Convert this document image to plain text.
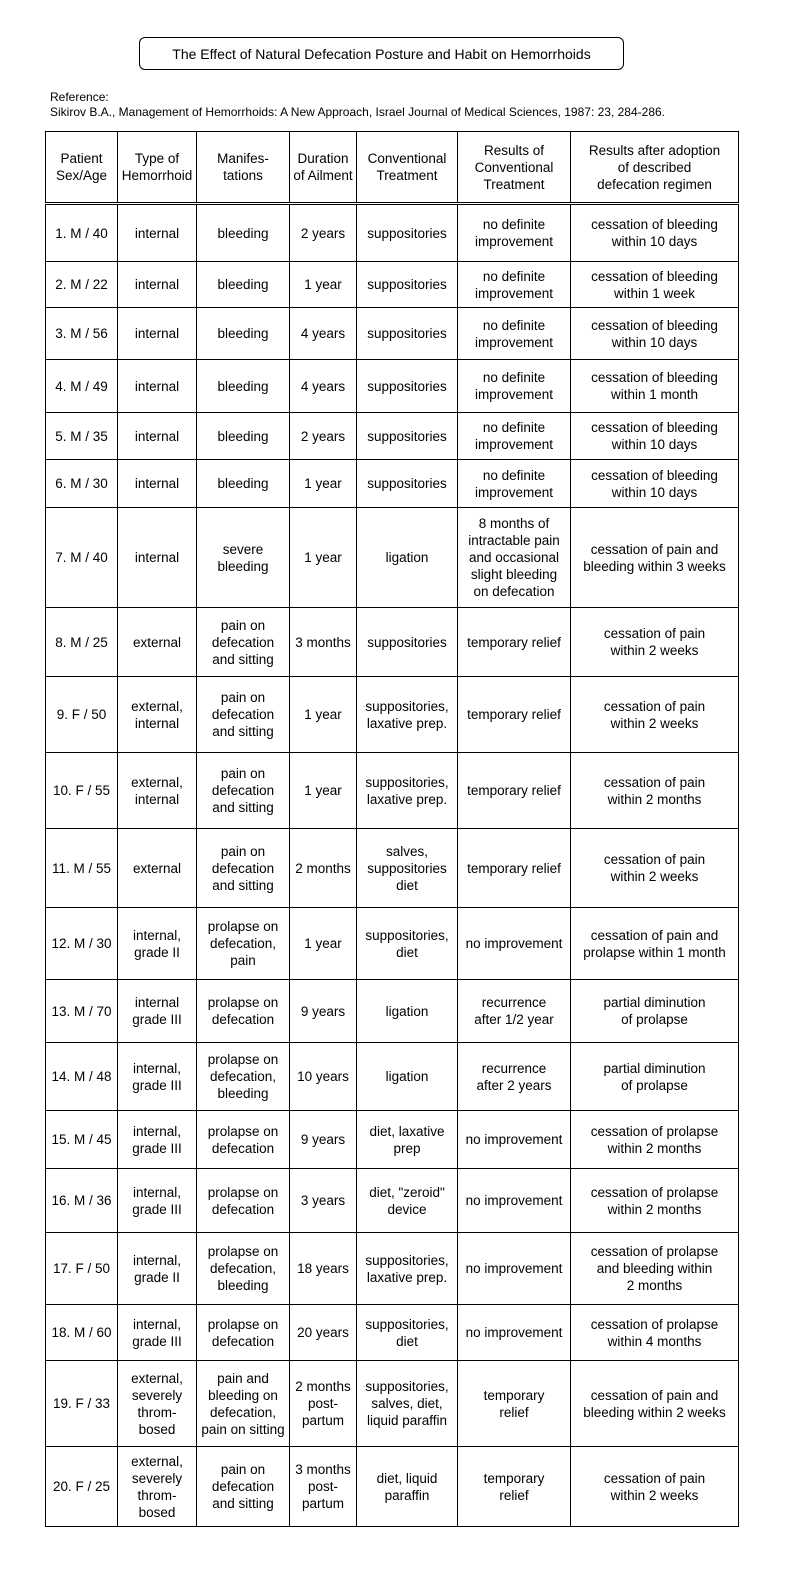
The Effect of Natural Defecation Posture and Habit on Hemorrhoids
Reference:
Sikirov B.A., Management of Hemorrhoids: A New Approach, Israel Journal of Medical Sciences, 1987: 23, 284-286.
Patient
Sex/Age	Type of
Hemorrhoid	Manifes-
tations	Duration
of Ailment	Conventional
Treatment	Results of
Conventional
Treatment	Results after adoption
of described
defecation regimen

1. M / 40	internal	bleeding	2 years	suppositories	no definite
improvement	cessation of bleeding
within 10 days

2. M / 22	internal	bleeding	1 year	suppositories	no definite
improvement	cessation of bleeding
within 1 week

3. M / 56	internal	bleeding	4 years	suppositories	no definite
improvement	cessation of bleeding
within 10 days

4. M / 49	internal	bleeding	4 years	suppositories	no definite
improvement	cessation of bleeding
within 1 month

5. M / 35	internal	bleeding	2 years	suppositories	no definite
improvement	cessation of bleeding
within 10 days

6. M / 30	internal	bleeding	1 year	suppositories	no definite
improvement	cessation of bleeding
within 10 days

7. M / 40	internal	severe
bleeding	1 year	ligation	8 months of
intractable pain
and occasional
slight bleeding
on defecation	cessation of pain and
bleeding within 3 weeks

8. M / 25	external	pain on
defecation
and sitting	3 months	suppositories	temporary relief	cessation of pain
within 2 weeks

9. F / 50	external,
internal	pain on
defecation
and sitting	1 year	suppositories,
laxative prep.	temporary relief	cessation of pain
within 2 weeks

10. F / 55	external,
internal	pain on
defecation
and sitting	1 year	suppositories,
laxative prep.	temporary relief	cessation of pain
within 2 months

11. M / 55	external	pain on
defecation
and sitting	2 months	salves,
suppositories
diet	temporary relief	cessation of pain
within 2 weeks

12. M / 30	internal,
grade II	prolapse on
defecation,
pain	1 year	suppositories,
diet	no improvement	cessation of pain and
prolapse within 1 month

13. M / 70	internal
grade III	prolapse on
defecation	9 years	ligation	recurrence
after 1/2 year	partial diminution
of prolapse

14. M / 48	internal,
grade III	prolapse on
defecation,
bleeding	10 years	ligation	recurrence
after 2 years	partial diminution
of prolapse

15. M / 45	internal,
grade III	prolapse on
defecation	9 years	diet, laxative
prep	no improvement	cessation of prolapse
within 2 months

16. M / 36	internal,
grade III	prolapse on
defecation	3 years	diet, "zeroid"
device	no improvement	cessation of prolapse
within 2 months

17. F / 50	internal,
grade II	prolapse on
defecation,
bleeding	18 years	suppositories,
laxative prep.	no improvement	cessation of prolapse
and bleeding within
2 months

18. M / 60	internal,
grade III	prolapse on
defecation	20 years	suppositories,
diet	no improvement	cessation of prolapse
within 4 months

19. F / 33	external,
severely
throm-
bosed	pain and
bleeding on
defecation,
pain on sitting	2 months
post-
partum	suppositories,
salves, diet,
liquid paraffin	temporary
relief	cessation of pain and
bleeding within 2 weeks

20. F / 25	external,
severely
throm-
bosed	pain on
defecation
and sitting	3 months
post-
partum	diet, liquid
paraffin	temporary
relief	cessation of pain
within 2 weeks
